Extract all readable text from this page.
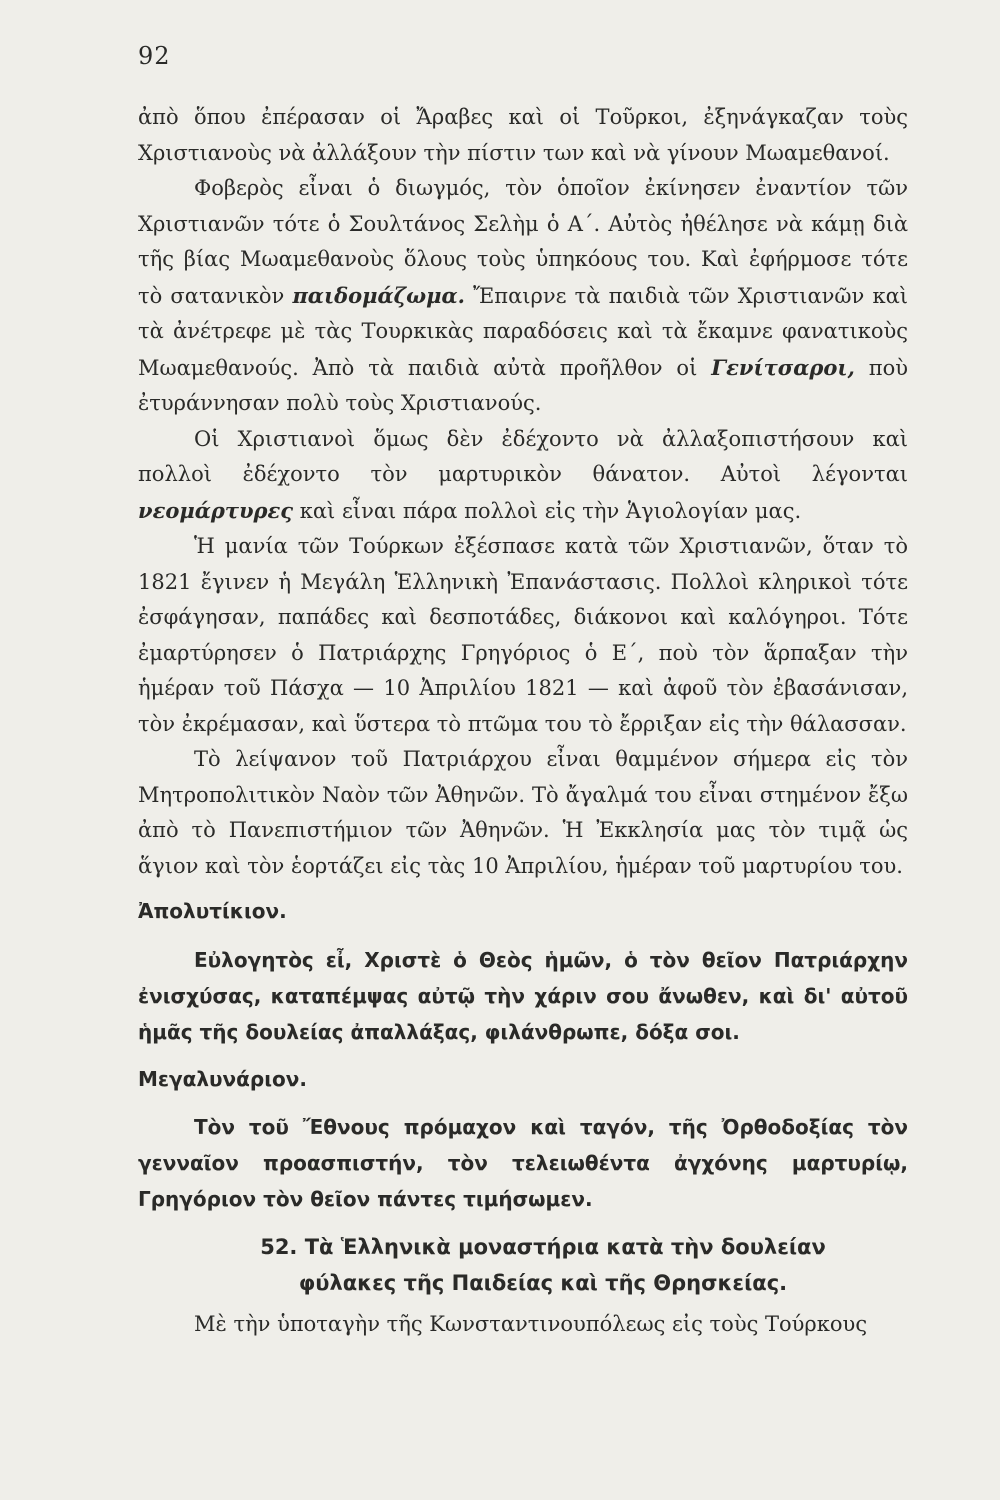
92

ἀπὸ ὅπου ἐπέρασαν οἱ Ἄραβες καὶ οἱ Τοῦρκοι, ἐξηνάγκαζαν τοὺς Χριστιανοὺς νὰ ἀλλάξουν τὴν πίστιν των καὶ νὰ γίνουν Μωαμεθανοί.

Φοβερὸς εἶναι ὁ διωγμός, τὸν ὁποῖον ἐκίνησεν ἐναντίον τῶν Χριστιανῶν τότε ὁ Σουλτάνος Σελὴμ ὁ Α΄. Αὐτὸς ἠθέλησε νὰ κάμῃ διὰ τῆς βίας Μωαμεθανοὺς ὅλους τοὺς ὑπηκόους του. Καὶ ἐφήρμοσε τότε τὸ σατανικὸν παιδομάζωμα. Ἔπαιρνε τὰ παιδιὰ τῶν Χριστιανῶν καὶ τὰ ἀνέτρεφε μὲ τὰς Τουρκικὰς παραδόσεις καὶ τὰ ἔκαμνε φανατικοὺς Μωαμεθανούς. Ἀπὸ τὰ παιδιὰ αὐτὰ προῆλθον οἱ Γενίτσαροι, ποὺ ἐτυράννησαν πολὺ τοὺς Χριστιανούς.

Οἱ Χριστιανοὶ ὅμως δὲν ἐδέχοντο νὰ ἀλλαξοπιστήσουν καὶ πολλοὶ ἐδέχοντο τὸν μαρτυρικὸν θάνατον. Αὐτοὶ λέγονται νεομάρτυρες καὶ εἶναι πάρα πολλοὶ εἰς τὴν Ἁγιολογίαν μας.

Ἡ μανία τῶν Τούρκων ἐξέσπασε κατὰ τῶν Χριστιανῶν, ὅταν τὸ 1821 ἔγινεν ἡ Μεγάλη Ἑλληνικὴ Ἐπανάστασις. Πολλοὶ κληρικοὶ τότε ἐσφάγησαν, παπάδες καὶ δεσποτάδες, διάκονοι καὶ καλόγηροι. Τότε ἐμαρτύρησεν ὁ Πατριάρχης Γρηγόριος ὁ Ε΄, ποὺ τὸν ἅρπαξαν τὴν ἡμέραν τοῦ Πάσχα — 10 Ἀπριλίου 1821 — καὶ ἀφοῦ τὸν ἐβασάνισαν, τὸν ἐκρέμασαν, καὶ ὕστερα τὸ πτῶμα του τὸ ἔρριξαν εἰς τὴν θάλασσαν.

Τὸ λείψανον τοῦ Πατριάρχου εἶναι θαμμένον σήμερα εἰς τὸν Μητροπολιτικὸν Ναὸν τῶν Ἀθηνῶν. Τὸ ἄγαλμά του εἶναι στημένον ἔξω ἀπὸ τὸ Πανεπιστήμιον τῶν Ἀθηνῶν. Ἡ Ἐκκλησία μας τὸν τιμᾷ ὡς ἅγιον καὶ τὸν ἑορτάζει εἰς τὰς 10 Ἀπριλίου, ἡμέραν τοῦ μαρτυρίου του.

Ἀπολυτίκιον.

Εὐλογητὸς εἶ, Χριστὲ ὁ Θεὸς ἡμῶν, ὁ τὸν θεῖον Πατριάρχην ἐνισχύσας, καταπέμψας αὐτῷ τὴν χάριν σου ἄνωθεν, καὶ δι' αὐτοῦ ἡμᾶς τῆς δουλείας ἀπαλλάξας, φιλάνθρωπε, δόξα σοι.

Μεγαλυνάριον.

Τὸν τοῦ Ἔθνους πρόμαχον καὶ ταγόν, τῆς Ὀρθοδοξίας τὸν γενναῖον προασπιστήν, τὸν τελειωθέντα ἀγχόνης μαρτυρίῳ, Γρηγόριον τὸν θεῖον πάντες τιμήσωμεν.

52. Τὰ Ἑλληνικὰ μοναστήρια κατὰ τὴν δουλείαν
φύλακες τῆς Παιδείας καὶ τῆς Θρησκείας.

Μὲ τὴν ὑποταγὴν τῆς Κωνσταντινουπόλεως εἰς τοὺς Τούρκους
